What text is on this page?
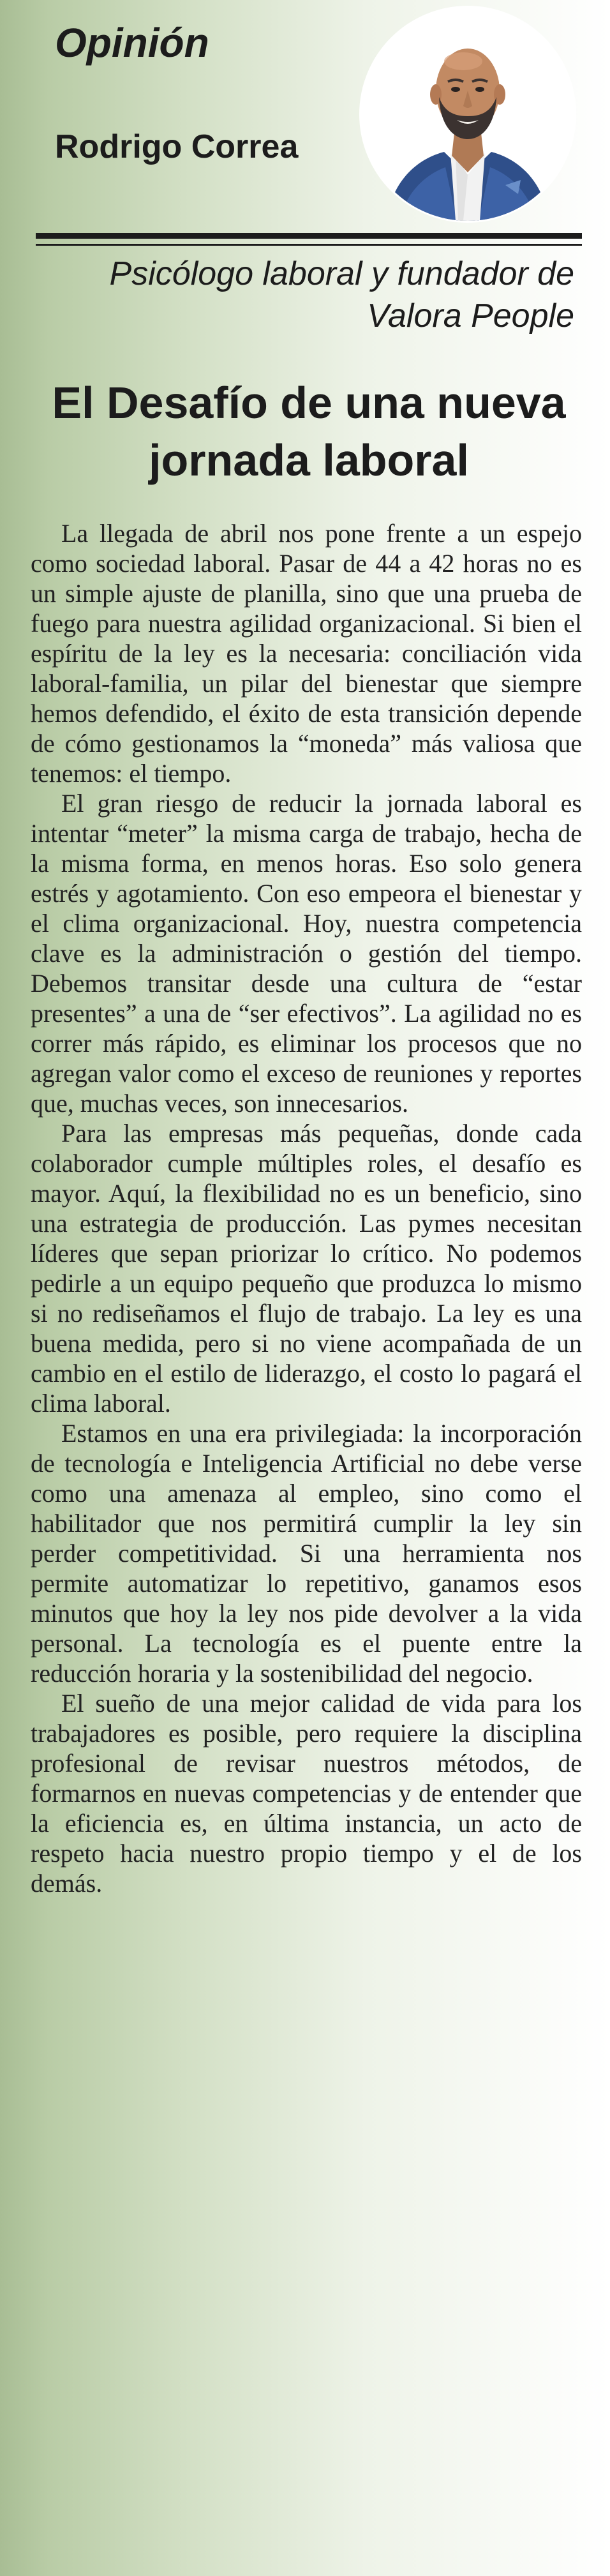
Opinión
Rodrigo Correa
Psicólogo laboral y fundador de Valora People
El Desafío de una nueva jornada laboral

La llegada de abril nos pone frente a un espejo como sociedad laboral. Pasar de 44 a 42 horas no es un simple ajuste de planilla, sino que una prueba de fuego para nuestra agilidad organizacional. Si bien el espíritu de la ley es la necesaria: conciliación vida laboral-familia, un pilar del bienestar que siempre hemos defendido, el éxito de esta transición depende de cómo gestionamos la “moneda” más valiosa que tenemos: el tiempo.

El gran riesgo de reducir la jornada laboral es intentar “meter” la misma carga de trabajo, hecha de la misma forma, en menos horas. Eso solo genera estrés y agotamiento. Con eso empeora el bienestar y el clima organizacional. Hoy, nuestra competencia clave es la administración o gestión del tiempo. Debemos transitar desde una cultura de “estar presentes” a una de “ser efectivos”. La agilidad no es correr más rápido, es eliminar los procesos que no agregan valor como el exceso de reuniones y reportes que, muchas veces, son innecesarios.

Para las empresas más pequeñas, donde cada colaborador cumple múltiples roles, el desafío es mayor. Aquí, la flexibilidad no es un beneficio, sino una estrategia de producción. Las pymes necesitan líderes que sepan priorizar lo crítico. No podemos pedirle a un equipo pequeño que produzca lo mismo si no rediseñamos el flujo de trabajo. La ley es una buena medida, pero si no viene acompañada de un cambio en el estilo de liderazgo, el costo lo pagará el clima laboral.

Estamos en una era privilegiada: la incorporación de tecnología e Inteligencia Artificial no debe verse como una amenaza al empleo, sino como el habilitador que nos permitirá cumplir la ley sin perder competitividad. Si una herramienta nos permite automatizar lo repetitivo, ganamos esos minutos que hoy la ley nos pide devolver a la vida personal. La tecnología es el puente entre la reducción horaria y la sostenibilidad del negocio.

El sueño de una mejor calidad de vida para los trabajadores es posible, pero requiere la disciplina profesional de revisar nuestros métodos, de formarnos en nuevas competencias y de entender que la eficiencia es, en última instancia, un acto de respeto hacia nuestro propio tiempo y el de los demás.
